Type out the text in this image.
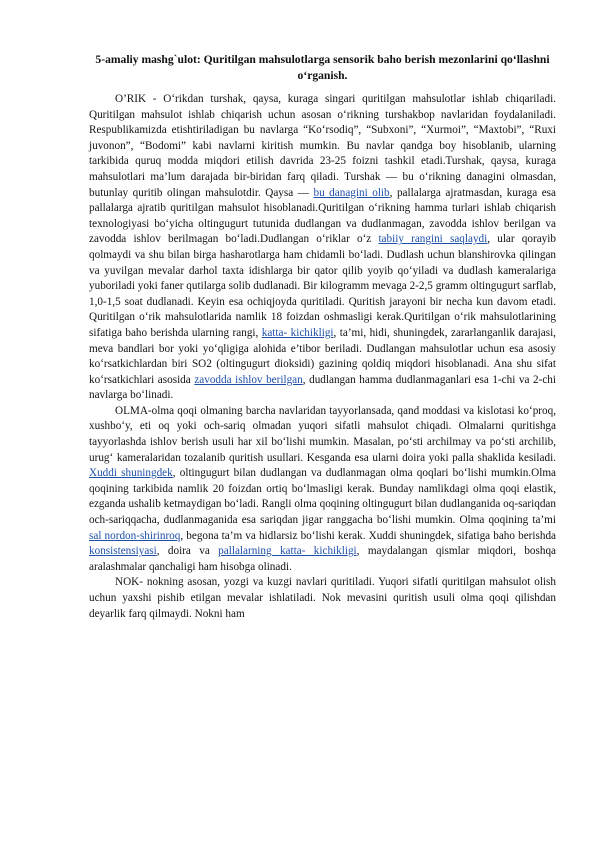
5-amaliy mashg`ulot: Quritilgan mahsulotlarga sensorik baho berish mezonlarini qo‘llashni o‘rganish.

O’RIK - O‘rikdan turshak, qaysa, kuraga singari quritilgan mahsulotlar ishlab chiqariladi. Quritilgan mahsulot ishlab chiqarish uchun asosan o‘rikning turshakbop navlaridan foydalaniladi. Respublikamizda etishtiriladigan bu navlarga “Ko‘rsodiq”, “Subxoni”, “Xurmoi”, “Maxtobi”, “Ruxi juvonon”, “Bodomi” kabi navlarni kiritish mumkin. Bu navlar qandga boy hisoblanib, ularning tarkibida quruq modda miqdori etilish davrida 23-25 foizni tashkil etadi.Turshak, qaysa, kuraga mahsulotlari ma’lum darajada bir-biridan farq qiladi. Turshak — bu o‘rikning danagini olmasdan, butunlay quritib olingan mahsulotdir. Qaysa — bu danagini olib, pallalarga ajratmasdan, kuraga esa pallalarga ajratib quritilgan mahsulot hisoblanadi.Quritilgan o‘rikning hamma turlari ishlab chiqarish texnologiyasi bo‘yicha oltingugurt tutunida dudlangan va dudlanmagan, zavodda ishlov berilgan va zavodda ishlov berilmagan bo‘ladi.Dudlangan o‘riklar o‘z tabiiy rangini saqlaydi, ular qorayib qolmaydi va shu bilan birga hasharotlarga ham chidamli bo‘ladi. Dudlash uchun blanshirovka qilingan va yuvilgan mevalar darhol taxta idishlarga bir qator qilib yoyib qo‘yiladi va dudlash kameralariga yuboriladi yoki faner qutilarga solib dudlanadi. Bir kilogramm mevaga 2-2,5 gramm oltingugurt sarflab, 1,0-1,5 soat dudlanadi. Keyin esa ochiqjoyda quritiladi. Quritish jarayoni bir necha kun davom etadi. Quritilgan o‘rik mahsulotlarida namlik 18 foizdan oshmasligi kerak.Quritilgan o‘rik mahsulotlarining sifatiga baho berishda ularning rangi, katta- kichikligi, ta’mi, hidi, shuningdek, zararlanganlik darajasi, meva bandlari bor yoki yo‘qligiga alohida e’tibor beriladi. Dudlangan mahsulotlar uchun esa asosiy ko‘rsatkichlardan biri SO2 (oltingugurt dioksidi) gazining qoldiq miqdori hisoblanadi. Ana shu sifat ko‘rsatkichlari asosida zavodda ishlov berilgan, dudlangan hamma dudlanmaganlari esa 1-chi va 2-chi navlarga bo‘linadi.

OLMA-olma qoqi olmaning barcha navlaridan tayyorlansada, qand moddasi va kislotasi ko‘proq, xushbo‘y, eti oq yoki och-sariq olmadan yuqori sifatli mahsulot chiqadi. Olmalarni quritishga tayyorlashda ishlov berish usuli har xil bo‘lishi mumkin. Masalan, po‘sti archilmay va po‘sti archilib, urug‘ kameralaridan tozalanib quritish usullari. Kesganda esa ularni doira yoki palla shaklida kesiladi. Xuddi shuningdek, oltingugurt bilan dudlangan va dudlanmagan olma qoqlari bo‘lishi mumkin.Olma qoqining tarkibida namlik 20 foizdan ortiq bo‘lmasligi kerak. Bunday namlikdagi olma qoqi elastik, ezganda ushalib ketmaydigan bo‘ladi. Rangli olma qoqining oltingugurt bilan dudlanganida oq-sariqdan och-sariqqacha, dudlanmaganida esa sariqdan jigar ranggacha bo‘lishi mumkin. Olma qoqining ta’mi sal nordon-shirinroq, begona ta’m va hidlarsiz bo‘lishi kerak. Xuddi shuningdek, sifatiga baho berishda konsistensiyasi, doira va pallalarning katta- kichikligi, maydalangan qismlar miqdori, boshqa aralashmalar qanchaligi ham hisobga olinadi.

NOK- nokning asosan, yozgi va kuzgi navlari quritiladi. Yuqori sifatli quritilgan mahsulot olish uchun yaxshi pishib etilgan mevalar ishlatiladi. Nok mevasini quritish usuli olma qoqi qilishdan deyarlik farq qilmaydi. Nokni ham
